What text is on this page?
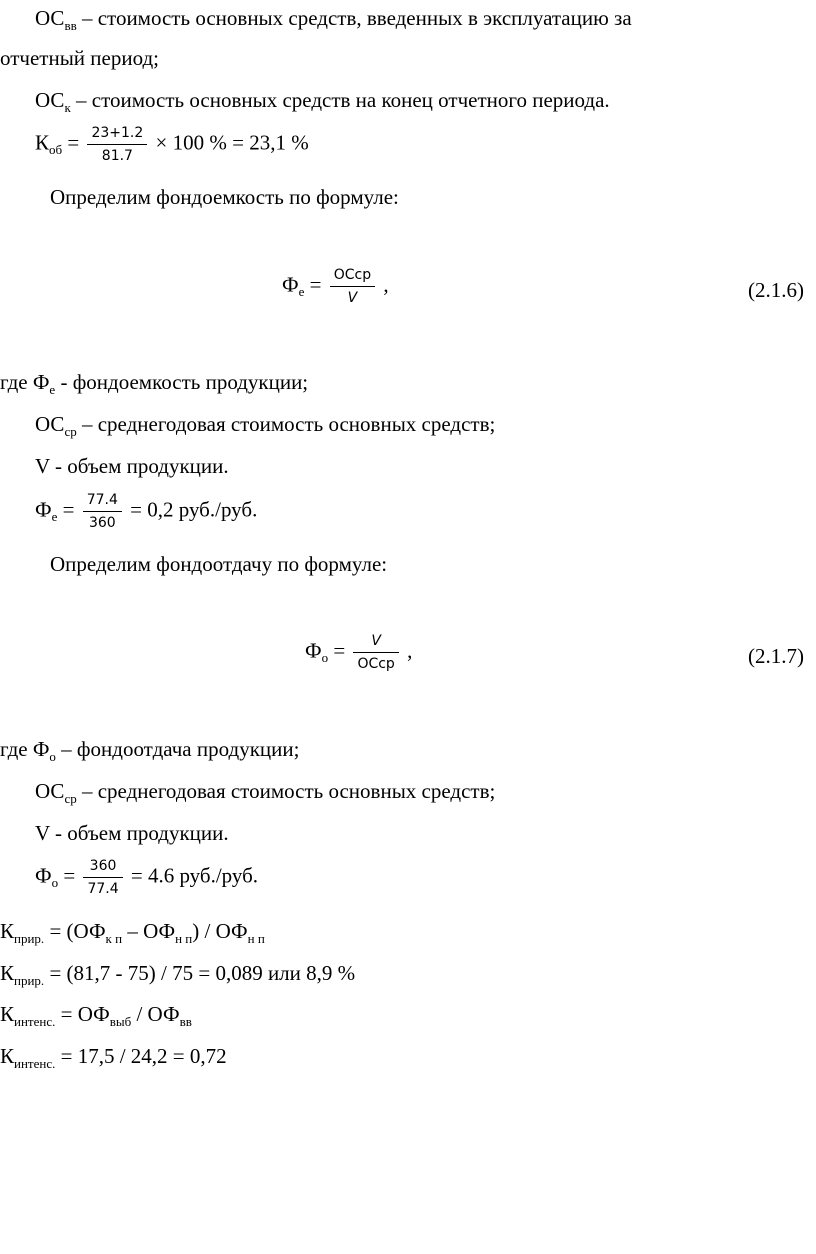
$ОС_{вв}$ – стоимость основных средств, введенных в эксплуатацию за
отчетный период;
$ОС_к$ – стоимость основных средств на конец отчетного периода.
$К_{об} = \frac{23+1.2}{81.7} \times 100$ % = 23,1 %
Определим фондоемкость по формуле:
$Ф_е = \frac{\text{ОСср}}{V}$ ,	(2.1.6)
где $Ф_е$ - фондоемкость продукции;
$ОС_{ср}$ – среднегодовая стоимость основных средств;
V - объем продукции.
$Ф_е = \frac{77.4}{360} = 0,2$ руб./руб.
Определим фондоотдачу по формуле:
$Ф_о = \frac{V}{\text{ОСср}}$ ,	(2.1.7)
где $Ф_о$ – фондоотдача продукции;
$ОС_{ср}$ – среднегодовая стоимость основных средств;
V - объем продукции.
$Ф_о = \frac{360}{77.4} = 4.6$ руб./руб.
$К_{прир.} = (ОФ_{к п} - ОФ_{н п}) / ОФ_{н п}$
$К_{прир.} = (81,7 - 75) / 75 = 0,089$ или 8,9 %
$К_{интенс.} = ОФ_{выб} / ОФ_{вв}$
$К_{интенс.} = 17,5 / 24,2 = 0,72$
